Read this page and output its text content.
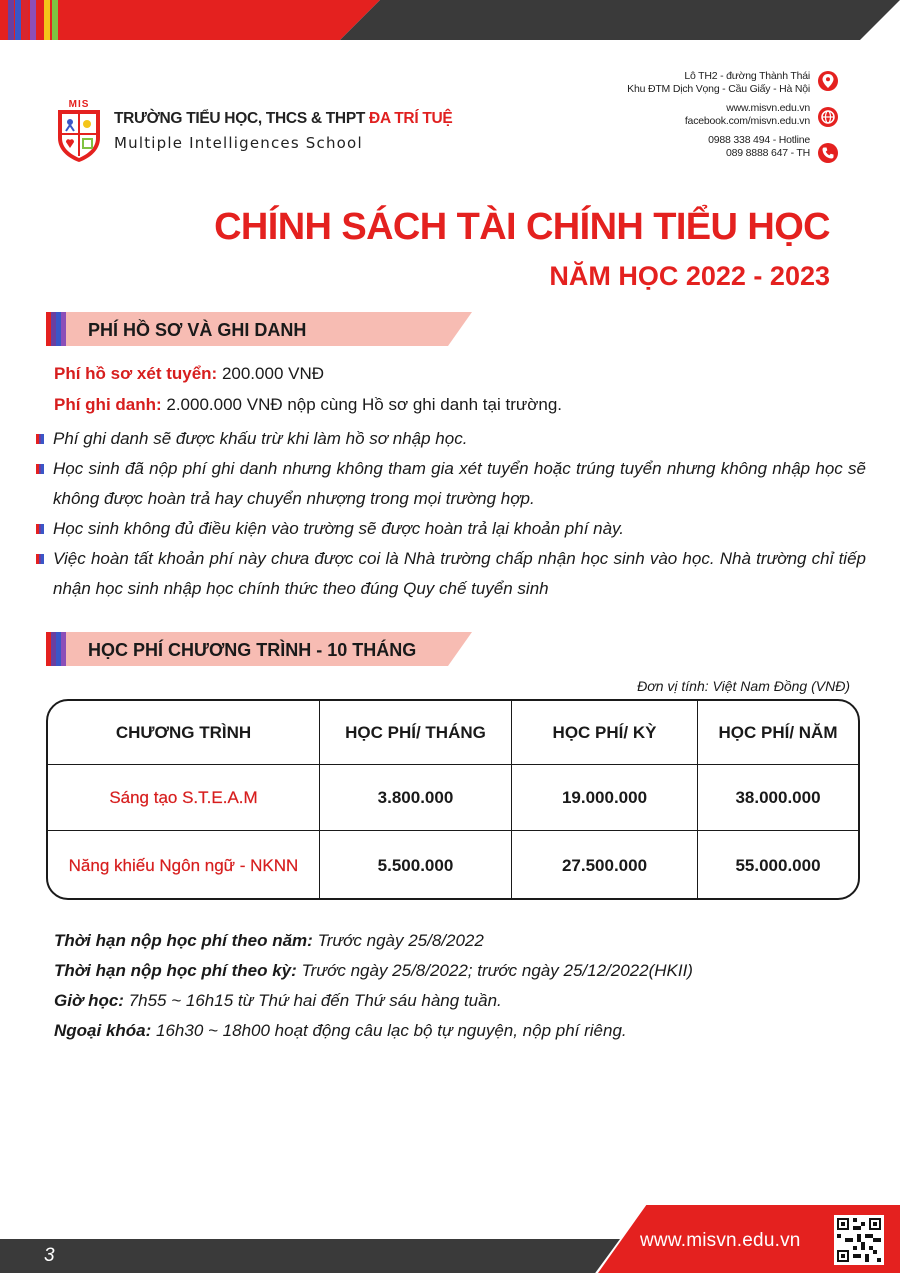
MIS
TRƯỜNG TIỂU HỌC, THCS & THPT ĐA TRÍ TUỆ
Multiple Intelligences School
Lô TH2 - đường Thành Thái
Khu ĐTM Dịch Vọng - Cầu Giấy - Hà Nội
www.misvn.edu.vn
facebook.com/misvn.edu.vn
0988 338 494 - Hotline
089 8888 647 - TH
CHÍNH SÁCH TÀI CHÍNH TIỂU HỌC
NĂM HỌC 2022 - 2023
PHÍ HỒ SƠ VÀ GHI DANH
Phí hồ sơ xét tuyển: 200.000 VNĐ
Phí ghi danh: 2.000.000 VNĐ nộp cùng Hồ sơ ghi danh tại trường.
Phí ghi danh sẽ được khấu trừ khi làm hồ sơ nhập học.
Học sinh đã nộp phí ghi danh nhưng không tham gia xét tuyển hoặc trúng tuyển nhưng không nhập học sẽ không được hoàn trả hay chuyển nhượng trong mọi trường hợp.
Học sinh không đủ điều kiện vào trường sẽ được hoàn trả lại khoản phí này.
Việc hoàn tất khoản phí này chưa được coi là Nhà trường chấp nhận học sinh vào học. Nhà trường chỉ tiếp nhận học sinh nhập học chính thức theo đúng Quy chế tuyển sinh
HỌC PHÍ CHƯƠNG TRÌNH - 10 THÁNG
Đơn vị tính: Việt Nam Đồng (VNĐ)
CHƯƠNG TRÌNH	HỌC PHÍ/ THÁNG	HỌC PHÍ/ KỲ	HỌC PHÍ/ NĂM
Sáng tạo S.T.E.A.M	3.800.000	19.000.000	38.000.000
Năng khiếu Ngôn ngữ - NKNN	5.500.000	27.500.000	55.000.000
Thời hạn nộp học phí theo năm: Trước ngày 25/8/2022
Thời hạn nộp học phí theo kỳ: Trước ngày 25/8/2022; trước ngày 25/12/2022(HKII)
Giờ học: 7h55 ~ 16h15 từ Thứ hai đến Thứ sáu hàng tuần.
Ngoại khóa: 16h30 ~ 18h00 hoạt động câu lạc bộ tự nguyện, nộp phí riêng.
3
www.misvn.edu.vn
